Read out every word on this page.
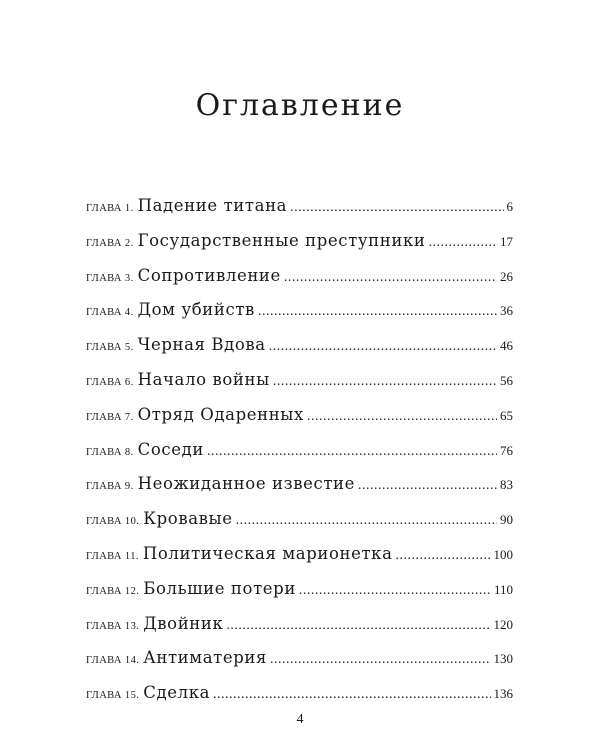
Оглавление
ГЛАВА 1. Падение титана .....	6
ГЛАВА 2. Государственные преступники .....	17
ГЛАВА 3. Сопротивление .....	26
ГЛАВА 4. Дом убийств .....	36
ГЛАВА 5. Черная Вдова .....	46
ГЛАВА 6. Начало войны .....	56
ГЛАВА 7. Отряд Одаренных .....	65
ГЛАВА 8. Соседи .....	76
ГЛАВА 9. Неожиданное известие .....	83
ГЛАВА 10. Кровавые .....	90
ГЛАВА 11. Политическая марионетка .....	100
ГЛАВА 12. Большие потери .....	110
ГЛАВА 13. Двойник .....	120
ГЛАВА 14. Антиматерия .....	130
ГЛАВА 15. Сделка .....	136
4
